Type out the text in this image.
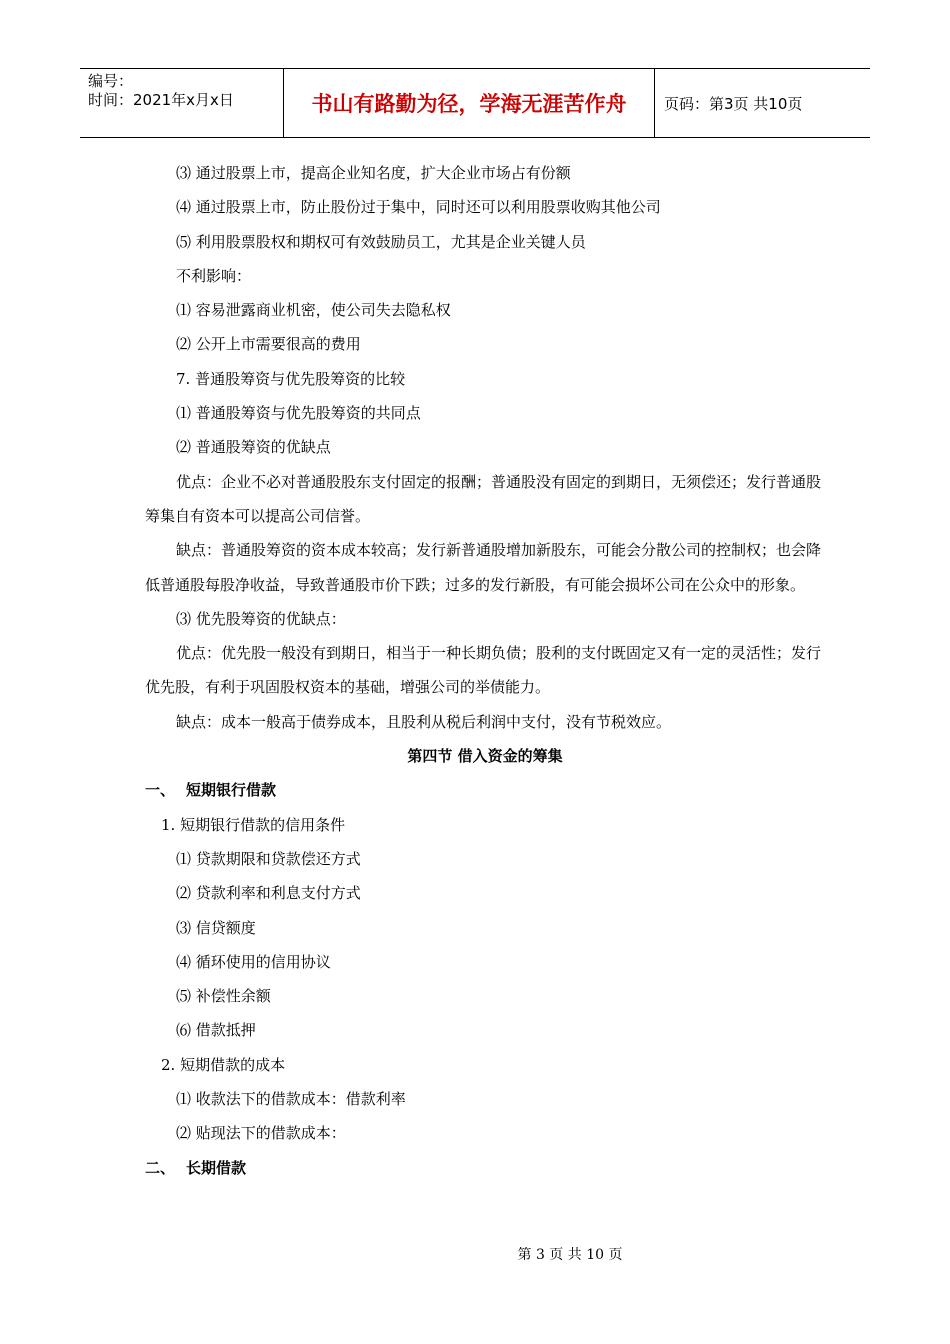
编号：
时间：2021年x月x日	书山有路勤为径，学海无涯苦作舟	页码：第3页 共10页
⑶ 通过股票上市，提高企业知名度，扩大企业市场占有份额
⑷ 通过股票上市，防止股份过于集中，同时还可以利用股票收购其他公司
⑸ 利用股票股权和期权可有效鼓励员工，尤其是企业关键人员
不利影响：
⑴ 容易泄露商业机密，使公司失去隐私权
⑵ 公开上市需要很高的费用
7. 普通股筹资与优先股筹资的比较
⑴ 普通股筹资与优先股筹资的共同点
⑵ 普通股筹资的优缺点

优点：企业不必对普通股股东支付固定的报酬；普通股没有固定的到期日，无须偿还；发行普通股筹集自有资本可以提高公司信誉。

缺点：普通股筹资的资本成本较高；发行新普通股增加新股东，可能会分散公司的控制权；也会降低普通股每股净收益，导致普通股市价下跌；过多的发行新股，有可能会损坏公司在公众中的形象。

⑶ 优先股筹资的优缺点：

优点：优先股一般没有到期日，相当于一种长期负债；股利的支付既固定又有一定的灵活性；发行优先股，有利于巩固股权资本的基础，增强公司的举债能力。

缺点：成本一般高于债券成本，且股利从税后利润中支付，没有节税效应。
第四节 借入资金的筹集
一、 短期银行借款
1. 短期银行借款的信用条件
⑴ 贷款期限和贷款偿还方式
⑵ 贷款利率和利息支付方式
⑶ 信贷额度
⑷ 循环使用的信用协议
⑸ 补偿性余额
⑹ 借款抵押
2. 短期借款的成本
⑴ 收款法下的借款成本：借款利率
⑵ 贴现法下的借款成本：
二、 长期借款
第 3 页 共 10 页
